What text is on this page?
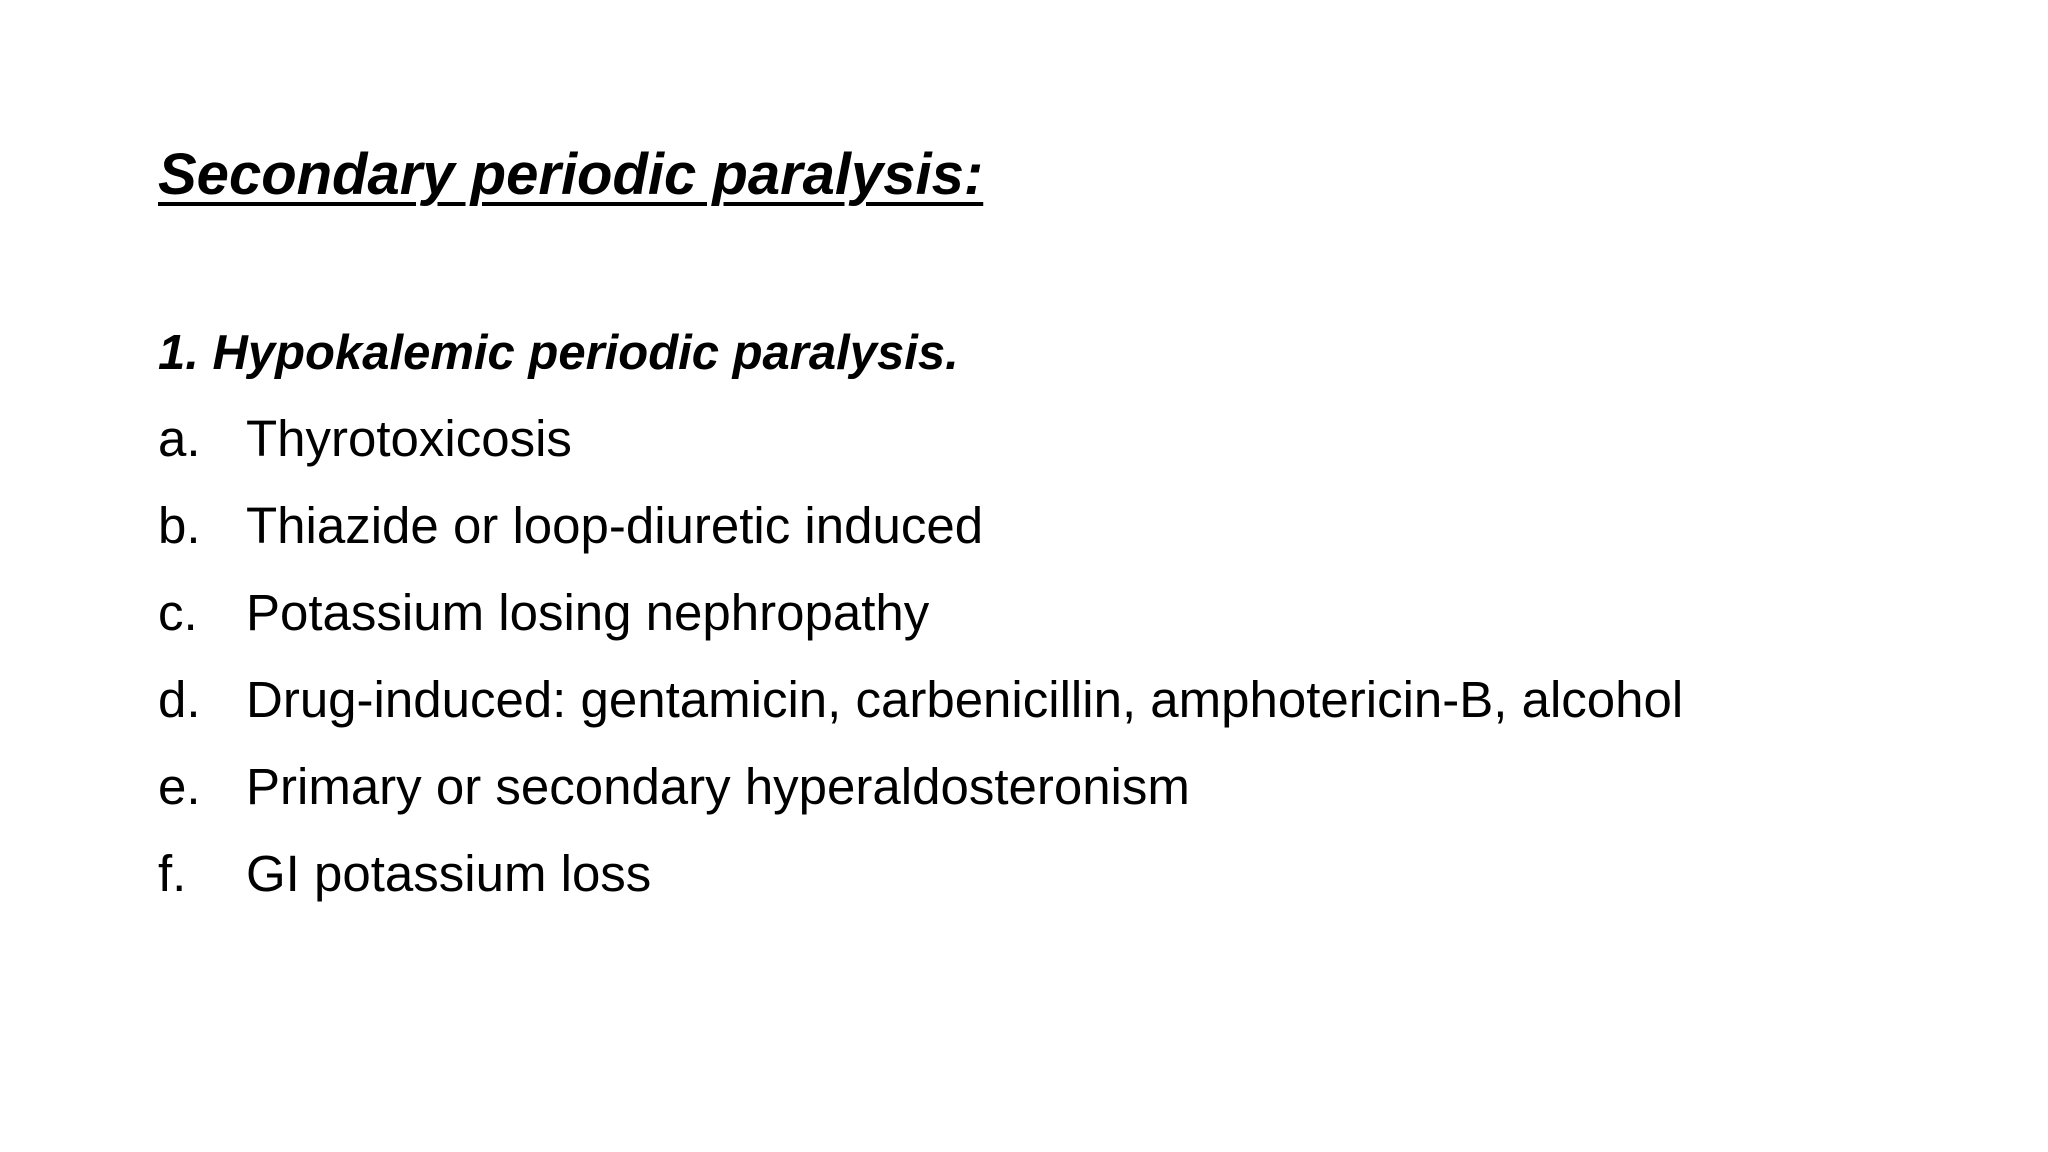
Secondary periodic paralysis:
1. Hypokalemic periodic paralysis.
a. Thyrotoxicosis
b. Thiazide or loop-diuretic induced
c. Potassium losing nephropathy
d. Drug-induced: gentamicin, carbenicillin, amphotericin-B, alcohol
e. Primary or secondary hyperaldosteronism
f.	GI potassium loss
